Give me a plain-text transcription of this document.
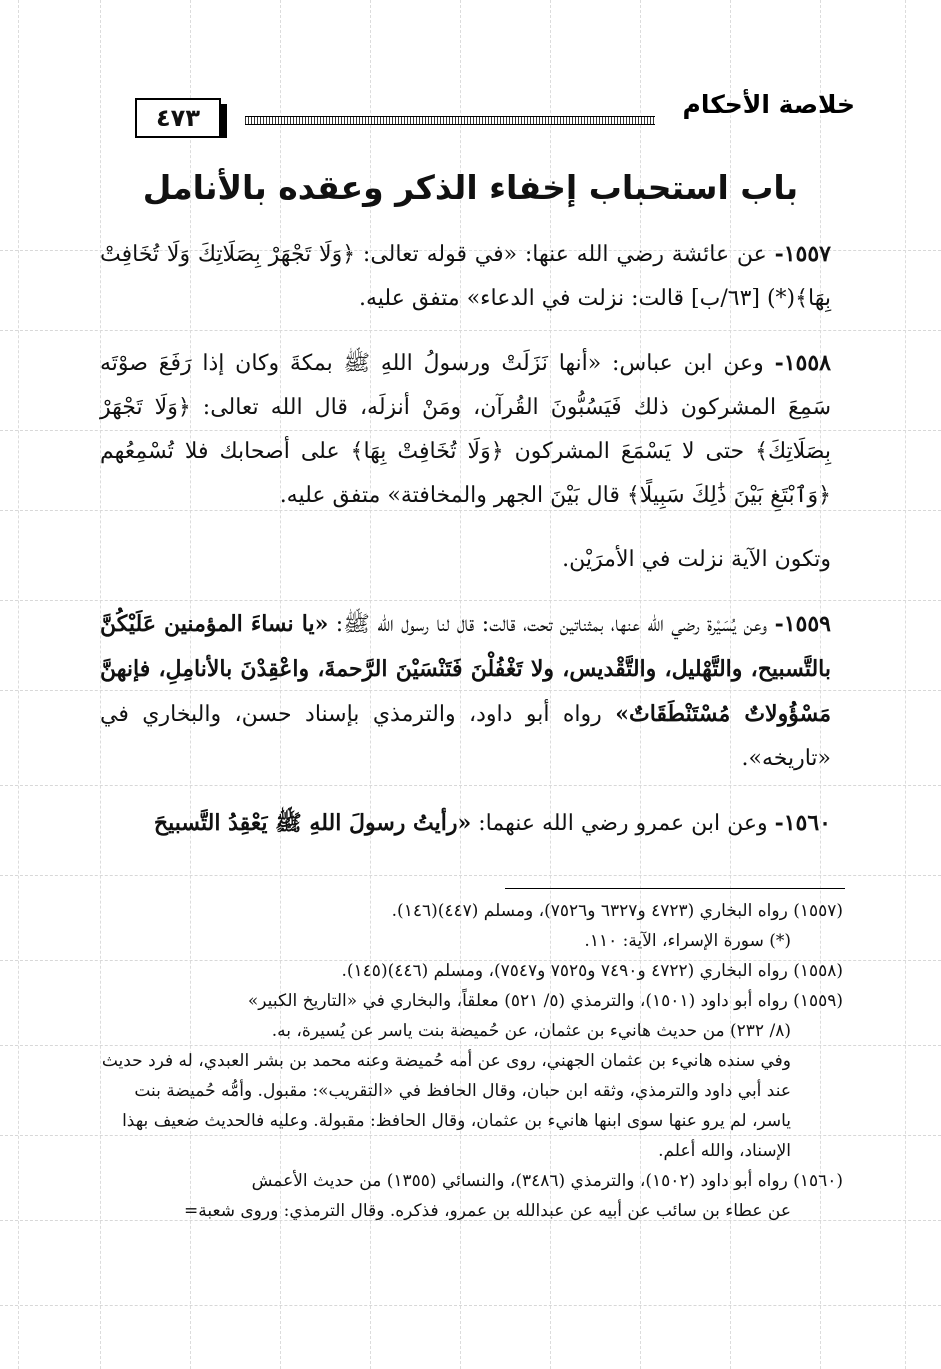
٤٧٣	خلاصة الأحكام
باب استحباب إخفاء الذكر وعقده بالأنامل

١٥٥٧- عن عائشة رضي الله عنها: «في قوله تعالى: ﴿وَلَا تَجْهَرْ بِصَلَاتِكَ وَلَا تُخَافِتْ بِهَا﴾(*) [٦٣/ب] قالت: نزلت في الدعاء» متفق عليه.

١٥٥٨- وعن ابن عباس: «أنها نَزَلَتْ ورسولُ اللهِ ﷺ بمكةَ وكان إذا رَفَعَ صوْتَه سَمِعَ المشركون ذلك فَيَسُبُّونَ القُرآن، ومَنْ أنزلَه، قال الله تعالى: ﴿وَلَا تَجْهَرْ بِصَلَاتِكَ﴾ حتى لا يَسْمَعَ المشركون ﴿وَلَا تُخَافِتْ بِهَا﴾ على أصحابك فلا تُسْمِعُهم ﴿وَٱبْتَغِ بَيْنَ ذَٰلِكَ سَبِيلًا﴾ قال بَيْنَ الجهر والمخافتة» متفق عليه.

وتكون الآية نزلت في الأمرَيْن.

١٥٥٩- وعن يُسَيْرة رضي الله عنها، بمثناتين تحت، قالت: قال لنا رسول الله ﷺ: «يا نساءَ المؤمنين عَلَيْكُنَّ بالتَّسبيح، والتَّهْليل، والتَّقْديس، ولا تَغْفُلْنَ فَتَنْسَيْنَ الرَّحمةَ، واعْقِدْنَ بالأنامِلِ، فإنهنَّ مَسْؤُولاتٌ مُسْتَنْطَقَاتٌ» رواه أبو داود، والترمذي بإسناد حسن، والبخاري في «تاريخه».

١٥٦٠- وعن ابن عمرو رضي الله عنهما: «رأيتُ رسولَ اللهِ ﷺ يَعْقِدُ التَّسبيحَ

(١٥٥٧) رواه البخاري (٤٧٢٣ و٦٣٢٧ و٧٥٢٦)، ومسلم (٤٤٧)(١٤٦).

(*) سورة الإسراء، الآية: ١١٠.

(١٥٥٨) رواه البخاري (٤٧٢٢ و٧٤٩٠ و٧٥٢٥ و٧٥٤٧)، ومسلم (٤٤٦)(١٤٥).

(١٥٥٩) رواه أبو داود (١٥٠١)، والترمذي (٥/ ٥٢١) معلقاً، والبخاري في «التاريخ الكبير»

(٨/ ٢٣٢) من حديث هانيء بن عثمان، عن حُميضة بنت ياسر عن يُسيرة، به.

وفي سنده هانيء بن عثمان الجهني، روى عن أمه حُميضة وعنه محمد بن بشر العبدي، له فرد حديث عند أبي داود والترمذي، وثقه ابن حبان، وقال الحافظ في «التقريب»: مقبول. وأمُّه حُميضة بنت ياسر، لم يرو عنها سوى ابنها هانيء بن عثمان، وقال الحافظ: مقبولة. وعليه فالحديث ضعيف بهذا الإسناد، والله أعلم.

(١٥٦٠) رواه أبو داود (١٥٠٢)، والترمذي (٣٤٨٦)، والنسائي (١٣٥٥) من حديث الأعمش

عن عطاء بن سائب عن أبيه عن عبدالله بن عمرو، فذكره. وقال الترمذي: وروى شعبة=
